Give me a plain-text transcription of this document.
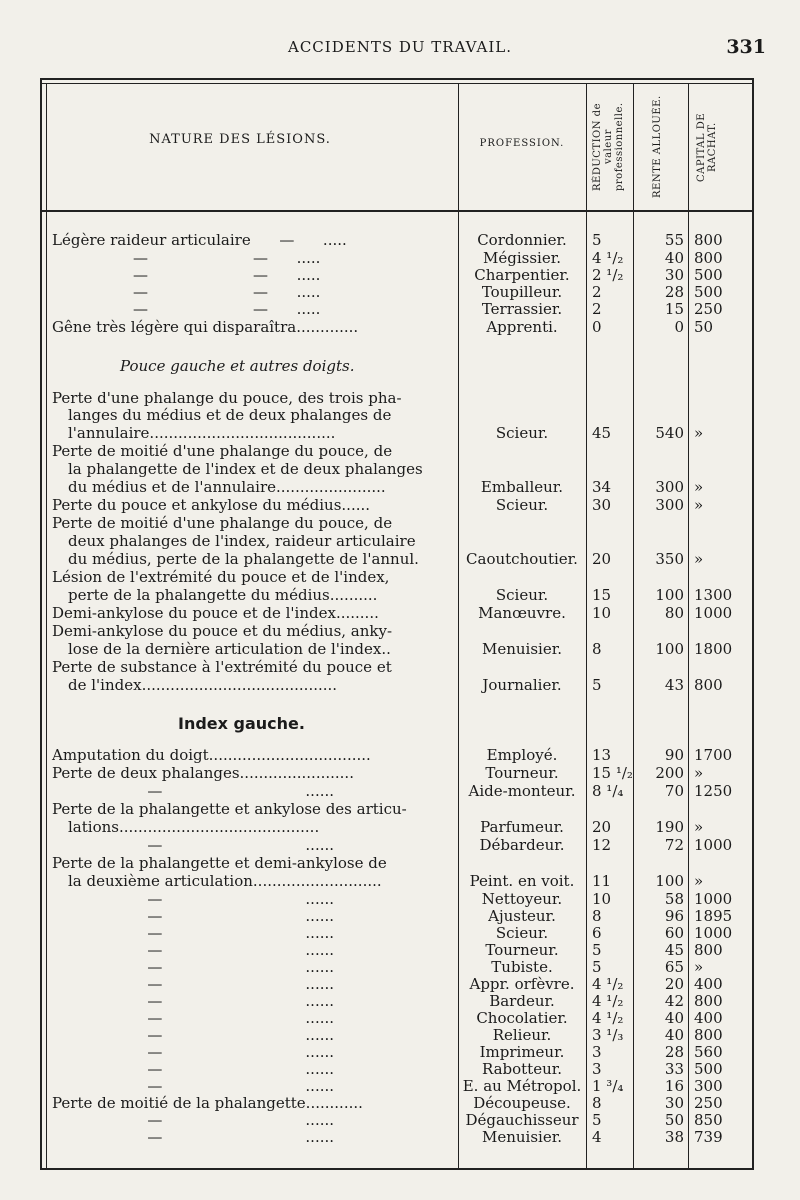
ACCIDENTS DU TRAVAIL.	331
NATURE DES LÉSIONS.	PROFESSION.	RÉDUCTION de valeur professionnelle.	RENTE ALLOUÉE.	CAPITAL DE RACHAT.
Légère raideur articulaire      —      .....	Cordonnier.	5	55 800
—                      —      .....	Mégissier.	4 ¹/₂	40 800
—                      —      .....	Charpentier.	2 ¹/₂	30 500
—                      —      .....	Toupilleur.	2	28 500
—                      —      .....	Terrassier.	2	15 250
Gêne très légère qui disparaîtra.............	Apprenti.	0	0 50
Pouce gauche et autres doigts.
Perte d'une phalange du pouce, des trois pha-
langes du médius et de deux phalanges de
l'annulaire.......................................	Scieur.	45	540 »
Perte de moitié d'une phalange du pouce, de
la phalangette de l'index et de deux phalanges
du médius et de l'annulaire.......................	Emballeur.	34	300 »
Perte du pouce et ankylose du médius......	Scieur.	30	300 »
Perte de moitié d'une phalange du pouce, de
deux phalanges de l'index, raideur articulaire
du médius, perte de la phalangette de l'annul.	Caoutchoutier. 20	350 »
Lésion de l'extrémité du pouce et de l'index,
perte de la phalangette du médius..........	Scieur.	15	100 1300
Demi-ankylose du pouce et de l'index.........	Manœuvre.	10	80 1000
Demi-ankylose du pouce et du médius, anky-
lose de la dernière articulation de l'index..	Menuisier.	8	100 1800
Perte de substance à l'extrémité du pouce et
de l'index.........................................	Journalier.	5	43 800
Index gauche.
Amputation du doigt..................................	Employé.	13	90 1700
Perte de deux phalanges........................	Tourneur.	15 ¹/₂	200 »
—                              ......	Aide-monteur.	8 ¹/₄	70 1250
Perte de la phalangette et ankylose des articu-
lations..........................................	Parfumeur.	20	190 »
—                              ......	Débardeur.	12	72 1000
Perte de la phalangette et demi-ankylose de
la deuxième articulation...........................	Peint. en voit.	11	100 »
—                              ......	Nettoyeur.	10	58 1000
—                              ......	Ajusteur.	8	96 1895
—                              ......	Scieur.	6	60 1000
—                              ......	Tourneur.	5	45 800
—                              ......	Tubiste.	5	65 »
—                              ......	Appr. orfèvre.	4 ¹/₂	20 400
—                              ......	Bardeur.	4 ¹/₂	42 800
—                              ......	Chocolatier.	4 ¹/₂	40 400
—                              ......	Relieur.	3 ¹/₃	40 800
—                              ......	Imprimeur.	3	28 560
—                              ......	Rabotteur.	3	33 500
—                              ......	E. au Métropol. 1 ³/₄	16 300
Perte de moitié de la phalangette............	Découpeuse.	8	30 250
—                              ......	Dégauchisseur 5	50 850
—                              ......	Menuisier.	4	38 739
